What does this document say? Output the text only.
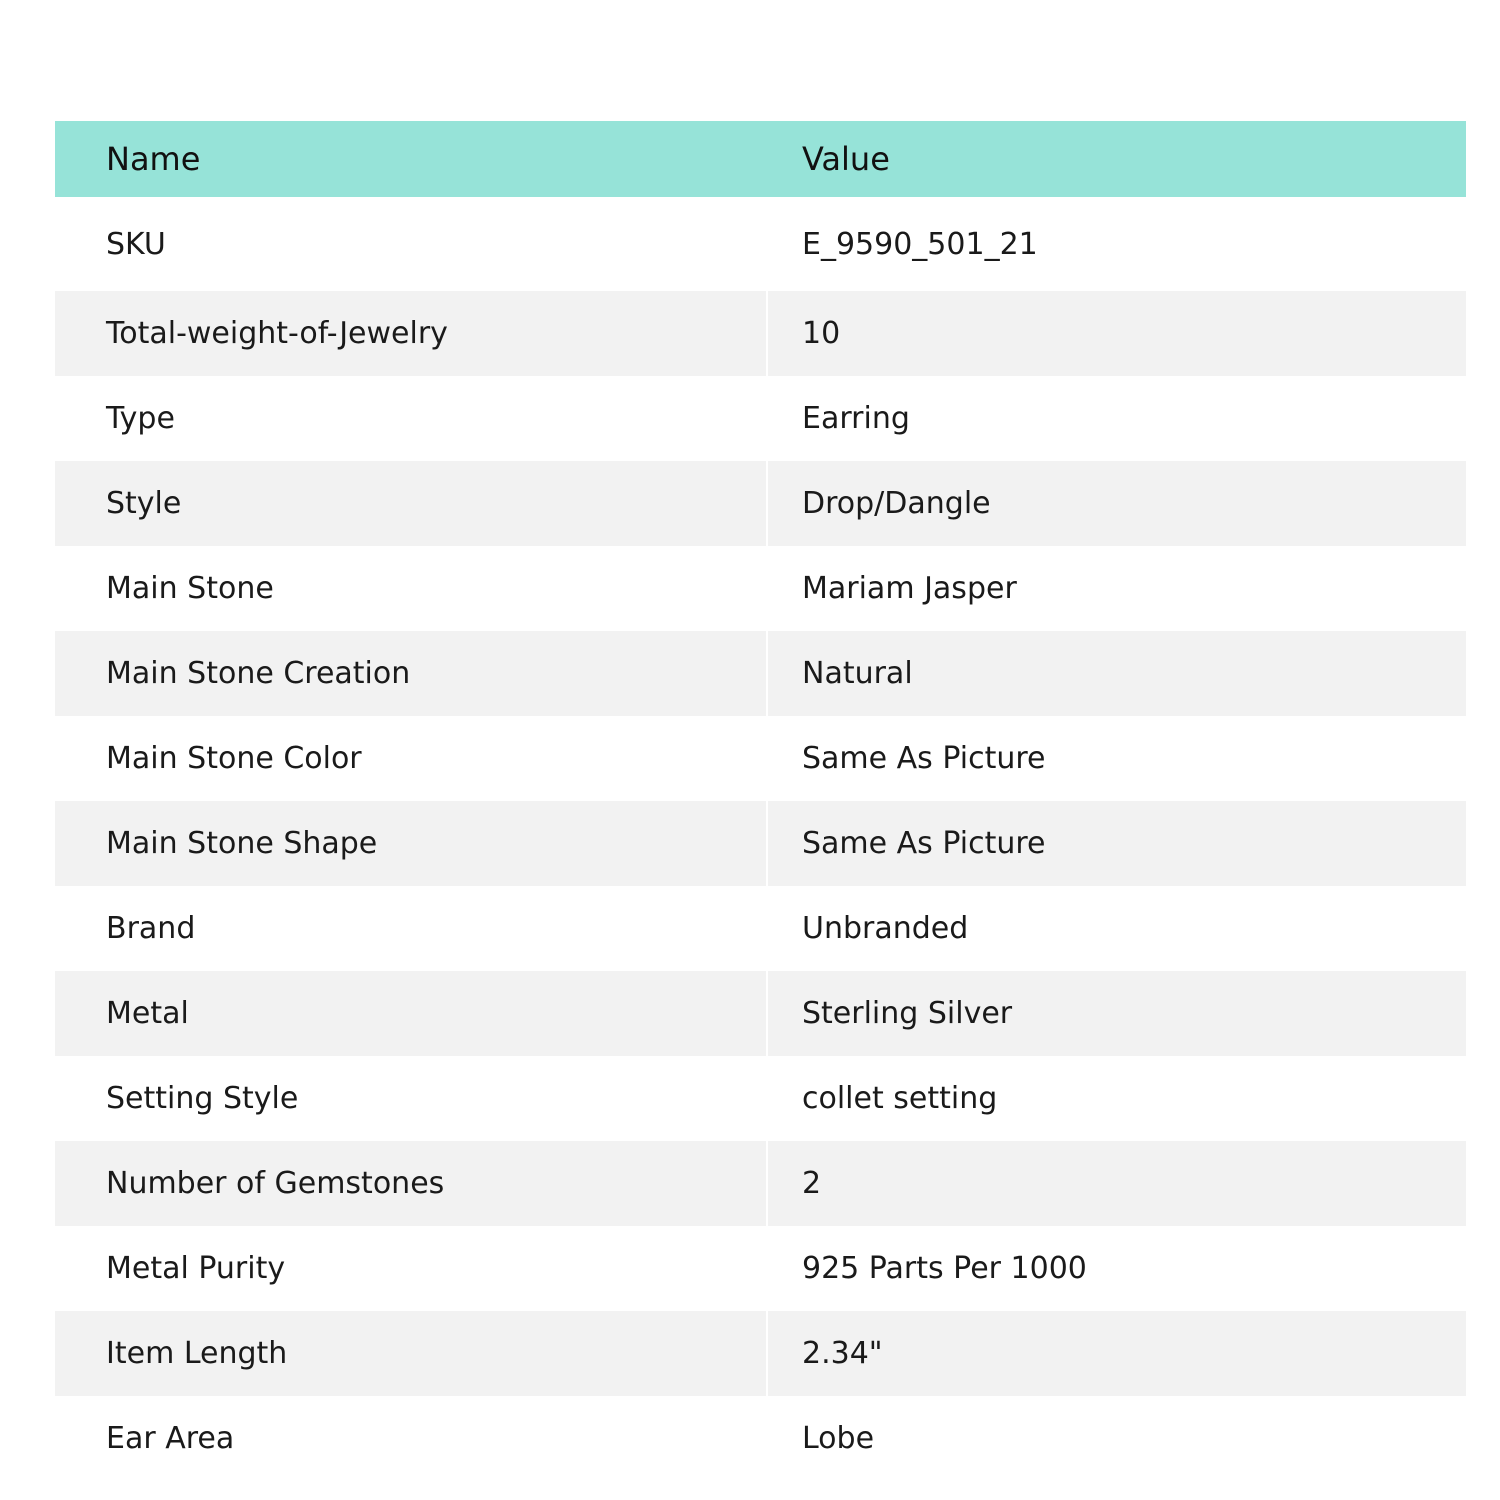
Name	Value
SKU	E_9590_501_21
Total-weight-of-Jewelry	10
Type	Earring
Style	Drop/Dangle
Main Stone	Mariam Jasper
Main Stone Creation	Natural
Main Stone Color	Same As Picture
Main Stone Shape	Same As Picture
Brand	Unbranded
Metal	Sterling Silver
Setting Style	collet setting
Number of Gemstones	2
Metal Purity	925 Parts Per 1000
Item Length	2.34"
Ear Area	Lobe
